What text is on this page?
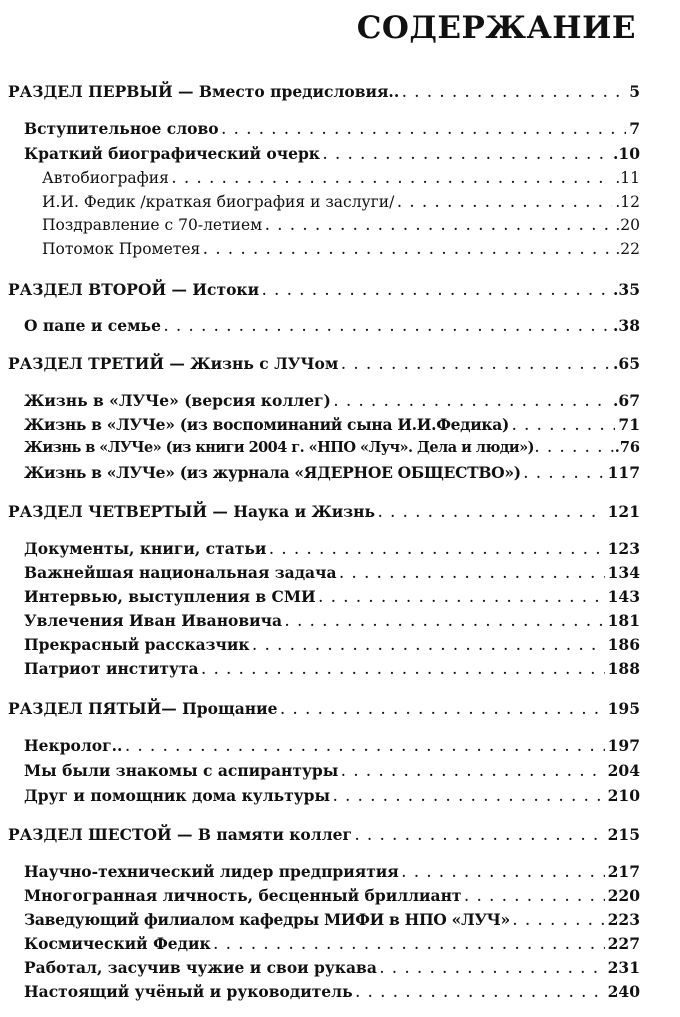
СОДЕРЖАНИЕ
РАЗДЕЛ ПЕРВЫЙ — Вместо предисловия.. . . .	5
Вступительное слово . . .	7
Краткий биографический очерк . . .	.10
Автобиография . . .	.11
И.И. Федик /краткая биография и заслуги/ . . .	.12
Поздравление с 70-летием . . .	.20
Потомок Прометея . . .	.22
РАЗДЕЛ ВТОРОЙ — Истоки . . .	.35
О папе и семье . . .	.38
РАЗДЕЛ ТРЕТИЙ — Жизнь с ЛУЧом . . .	.65
Жизнь в «ЛУЧе» (версия коллег) . . .	.67
Жизнь в «ЛУЧе» (из воспоминаний сына И.И.Федика) . . .	71
Жизнь в «ЛУЧе» (из книги 2004 г. «НПО «Луч». Дела и люди») . . .	.76
Жизнь в «ЛУЧе» (из журнала «ЯДЕРНОЕ ОБЩЕСТВО») . . .	117
РАЗДЕЛ ЧЕТВЕРТЫЙ — Наука и Жизнь . . .	121
Документы, книги, статьи . . .	123
Важнейшая национальная задача . . .	134
Интервью, выступления в СМИ . . .	143
Увлечения Иван Ивановича . . .	181
Прекрасный рассказчик . . .	186
Патриот института . . .	188
РАЗДЕЛ ПЯТЫЙ— Прощание . . .	195
Некролог.. . . .	197
Мы были знакомы с аспирантуры . . .	204
Друг и помощник дома культуры . . .	210
РАЗДЕЛ ШЕСТОЙ — В памяти коллег . . .	215
Научно-технический лидер предприятия . . .	217
Многогранная личность, бесценный бриллиант . . .	220
Заведующий филиалом кафедры МИФИ в НПО «ЛУЧ» . . .	223
Космический Федик . . .	227
Работал, засучив чужие и свои рукава . . .	231
Настоящий учёный и руководитель . . .	240
